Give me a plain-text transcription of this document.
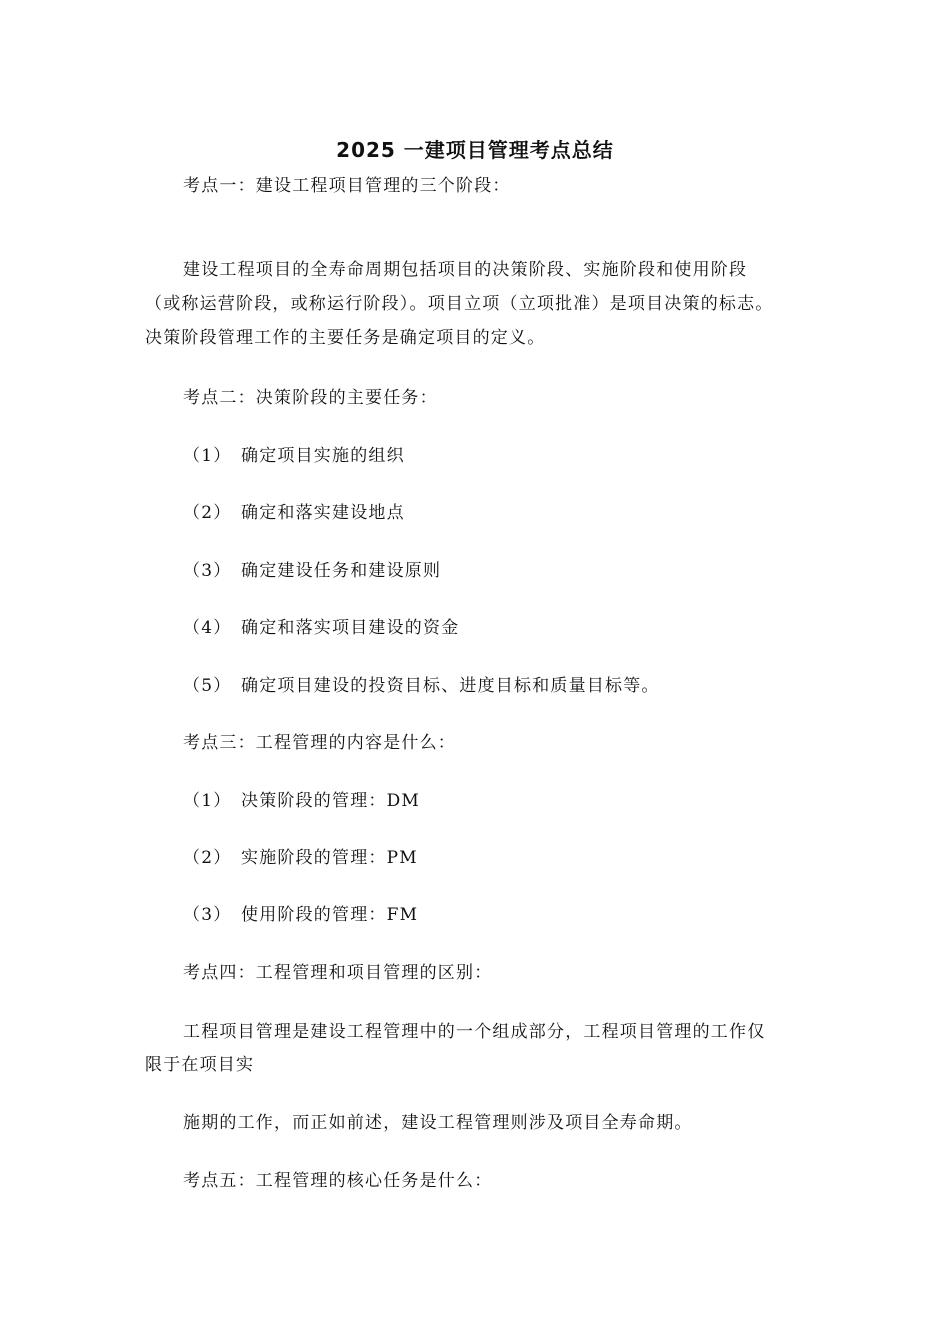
2025 一建项目管理考点总结
考点一：建设工程项目管理的三个阶段：
建设工程项目的全寿命周期包括项目的决策阶段、实施阶段和使用阶段
（或称运营阶段，或称运行阶段）。项目立项（立项批准）是项目决策的标志。
决策阶段管理工作的主要任务是确定项目的定义。
考点二：决策阶段的主要任务：
（1） 确定项目实施的组织
（2） 确定和落实建设地点
（3） 确定建设任务和建设原则
（4） 确定和落实项目建设的资金
（5） 确定项目建设的投资目标、进度目标和质量目标等。
考点三：工程管理的内容是什么：
（1） 决策阶段的管理：DM
（2） 实施阶段的管理：PM
（3） 使用阶段的管理：FM
考点四：工程管理和项目管理的区别：
工程项目管理是建设工程管理中的一个组成部分，工程项目管理的工作仅
限于在项目实
施期的工作，而正如前述，建设工程管理则涉及项目全寿命期。
考点五：工程管理的核心任务是什么：
